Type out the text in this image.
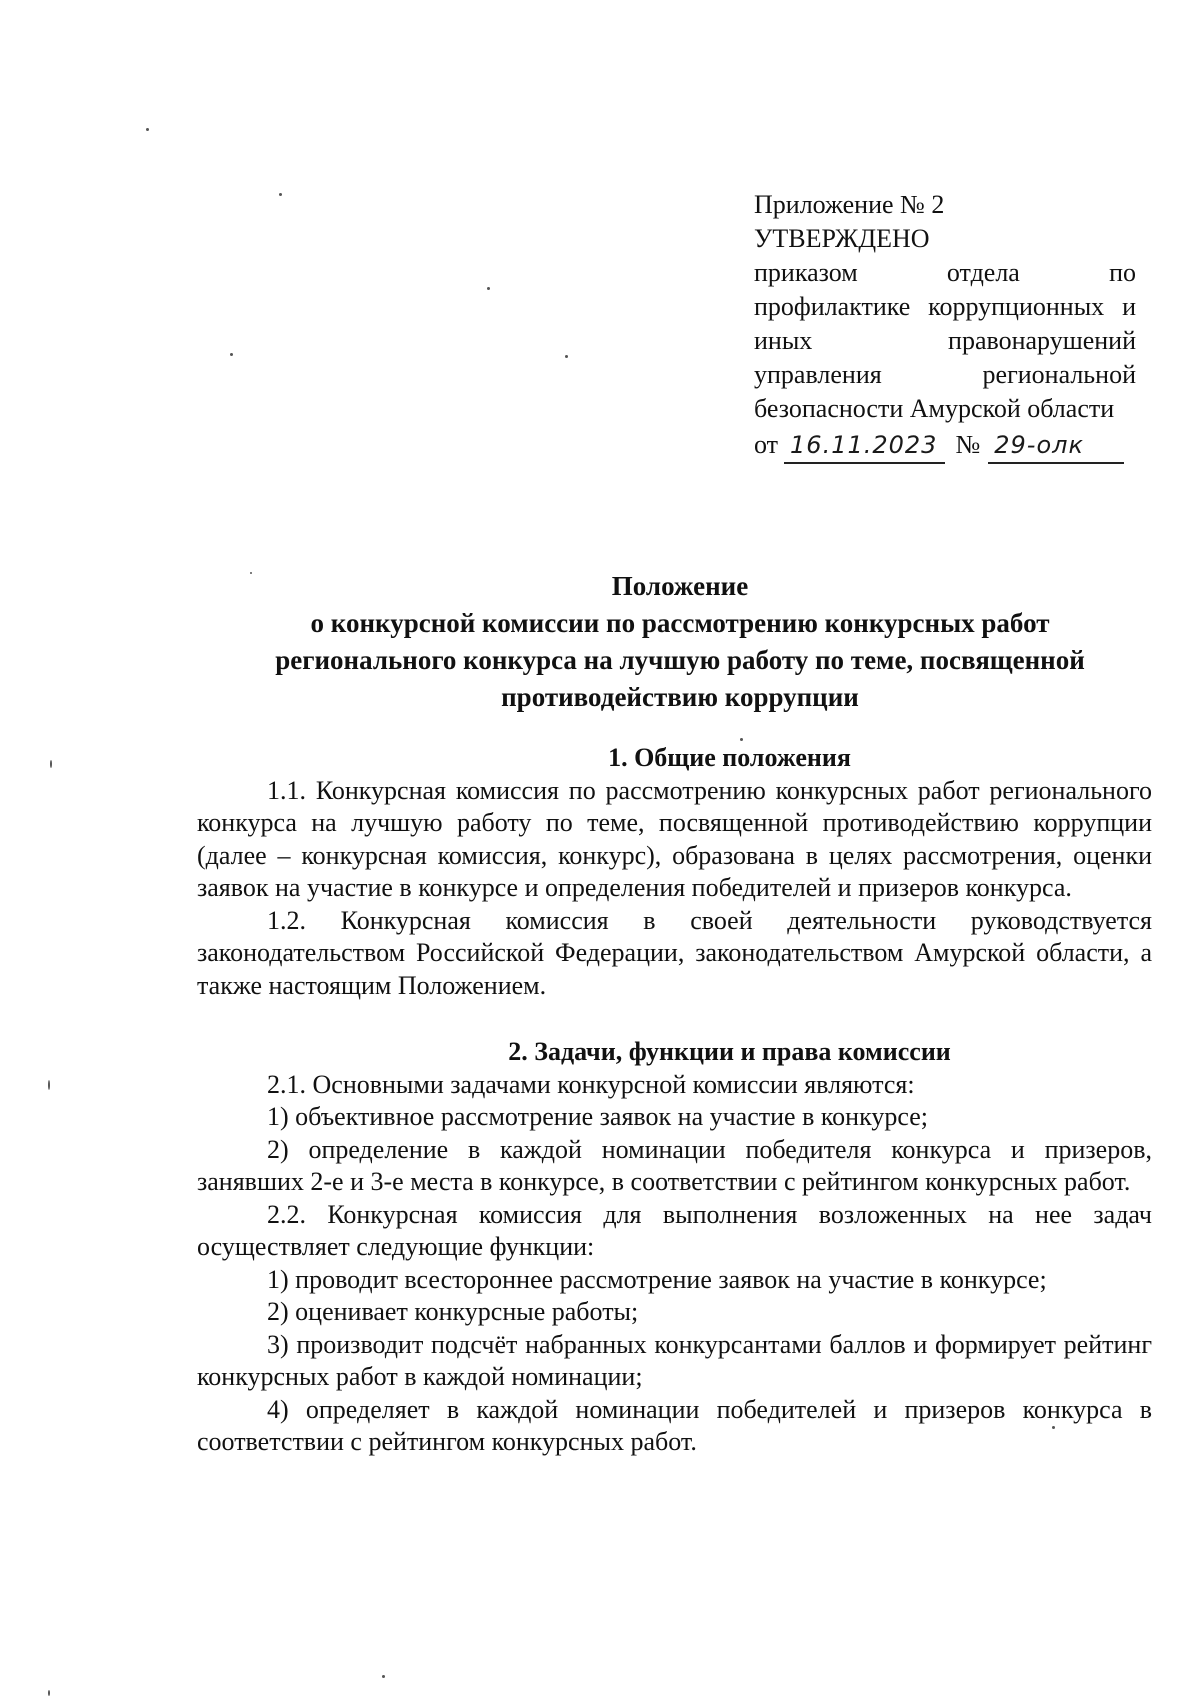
Приложение № 2
УТВЕРЖДЕНО
приказом	отдела	по
профилактике коррупционных и
иных	правонарушений
управления	региональной
безопасности Амурской области
от 16.11.2023 № 29-олк
Положение
о конкурсной комиссии по рассмотрению конкурсных работ
регионального конкурса на лучшую работу по теме, посвященной
противодействию коррупции
1. Общие положения

1.1. Конкурсная комиссия по рассмотрению конкурсных работ регионального конкурса на лучшую работу по теме, посвященной противодействию коррупции (далее – конкурсная комиссия, конкурс), образована в целях рассмотрения, оценки заявок на участие в конкурсе и определения победителей и призеров конкурса.

1.2. Конкурсная комиссия в своей деятельности руководствуется законодательством Российской Федерации, законодательством Амурской области, а также настоящим Положением.

2. Задачи, функции и права комиссии

2.1. Основными задачами конкурсной комиссии являются:

1) объективное рассмотрение заявок на участие в конкурсе;

2) определение в каждой номинации победителя конкурса и призеров, занявших 2-е и 3-е места в конкурсе, в соответствии с рейтингом конкурсных работ.

2.2. Конкурсная комиссия для выполнения возложенных на нее задач осуществляет следующие функции:

1) проводит всестороннее рассмотрение заявок на участие в конкурсе;

2) оценивает конкурсные работы;

3) производит подсчёт набранных конкурсантами баллов и формирует рейтинг конкурсных работ в каждой номинации;

4) определяет в каждой номинации победителей и призеров конкурса в соответствии с рейтингом конкурсных работ.
